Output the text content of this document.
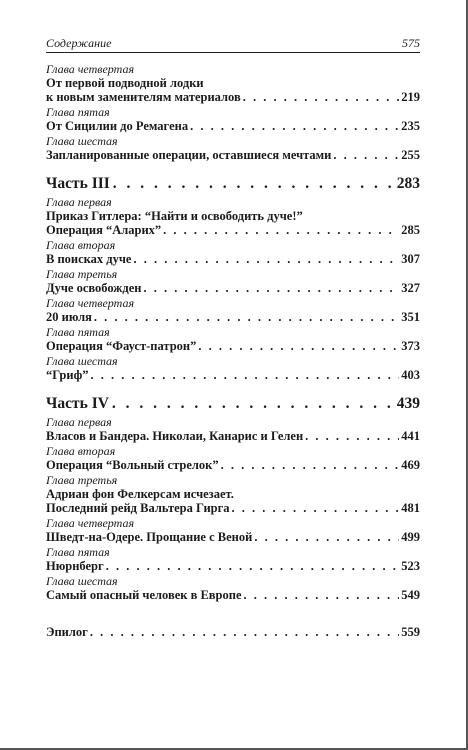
Содержание	575
Глава четвертая
От первой подводной лодки
к новым заменителям материалов . . .	219
Глава пятая
От Сицилии до Ремагена . . .	235
Глава шестая
Запланированные операции, оставшиеся мечтами . . .	255
Часть III . . .	283
Глава первая
Приказ Гитлера: “Найти и освободить дуче!”
Операция “Аларих” . . .	285
Глава вторая
В поисках дуче . . .	307
Глава третья
Дуче освобожден . . .	327
Глава четвертая
20 июля . . .	351
Глава пятая
Операция “Фауст-патрон” . . .	373
Глава шестая
“Гриф” . . .	403
Часть IV . . .	439
Глава первая
Власов и Бандера. Николаи, Канарис и Гелен . . .	441
Глава вторая
Операция “Вольный стрелок” . . .	469
Глава третья
Адриан фон Фелкерсам исчезает.
Последний рейд Вальтера Гирга . . .	481
Глава четвертая
Шведт-на-Одере. Прощание с Веной . . .	499
Глава пятая
Нюрнберг . . .	523
Глава шестая
Самый опасный человек в Европе . . .	549
Эпилог . . .	559
